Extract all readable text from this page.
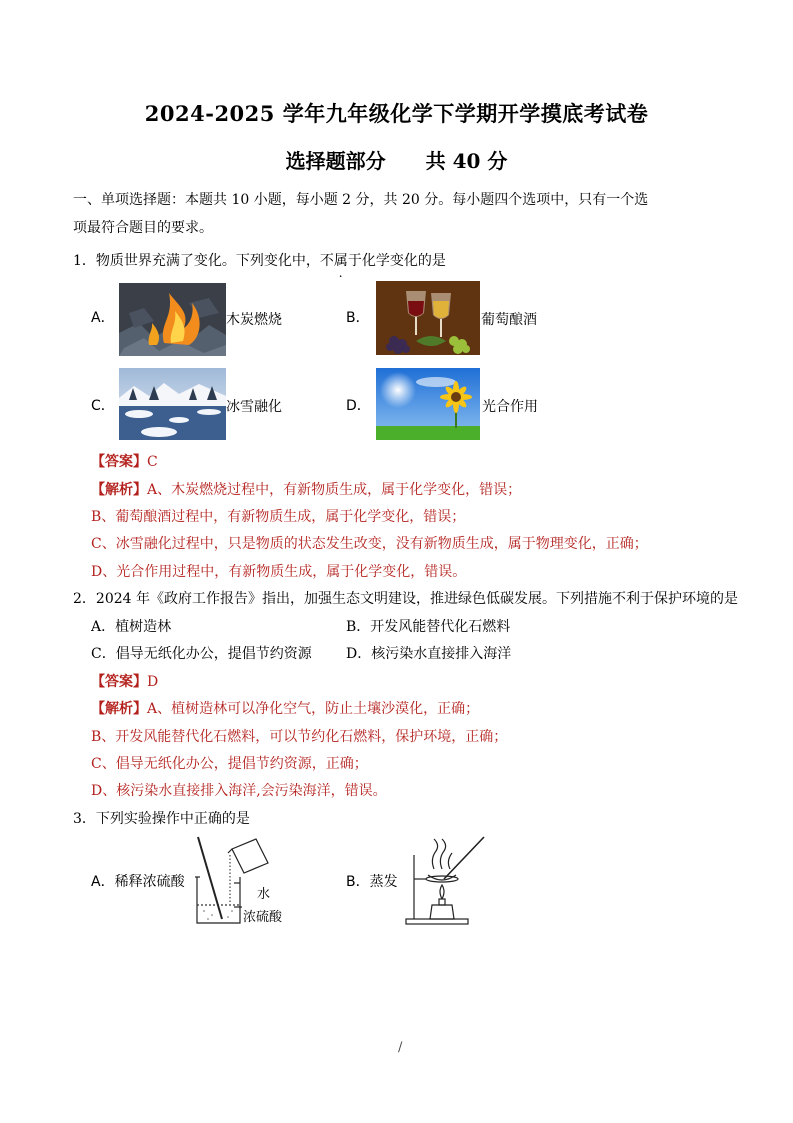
2024-2025 学年九年级化学下学期开学摸底考试卷
选择题部分 共 40 分
一、单项选择题：本题共 10 小题，每小题 2 分，共 20 分。每小题四个选项中，只有一个选
项最符合题目的要求。
1．物质世界充满了变化。下列变化中，不属于化学变化的是
A．	木炭燃烧	B．	葡萄酿酒
C．	冰雪融化	D．	光合作用
【答案】C
【解析】A、木炭燃烧过程中，有新物质生成，属于化学变化，错误；
B、葡萄酿酒过程中，有新物质生成，属于化学变化，错误；
C、冰雪融化过程中，只是物质的状态发生改变，没有新物质生成，属于物理变化，正确；
D、光合作用过程中，有新物质生成，属于化学变化，错误。
2．2024 年《政府工作报告》指出，加强生态文明建设，推进绿色低碳发展。下列措施不利于保护环境的是
A．植树造林	B．开发风能替代化石燃料
C．倡导无纸化办公，提倡节约资源 D．核污染水直接排入海洋
【答案】D
【解析】A、植树造林可以净化空气，防止土壤沙漠化，正确；
B、开发风能替代化石燃料，可以节约化石燃料，保护环境，正确；
C、倡导无纸化办公，提倡节约资源，正确；
D、核污染水直接排入海洋,会污染海洋，错误。
3．下列实验操作中正确的是
A．稀释浓硫酸
水
浓硫酸
B．蒸发
/
